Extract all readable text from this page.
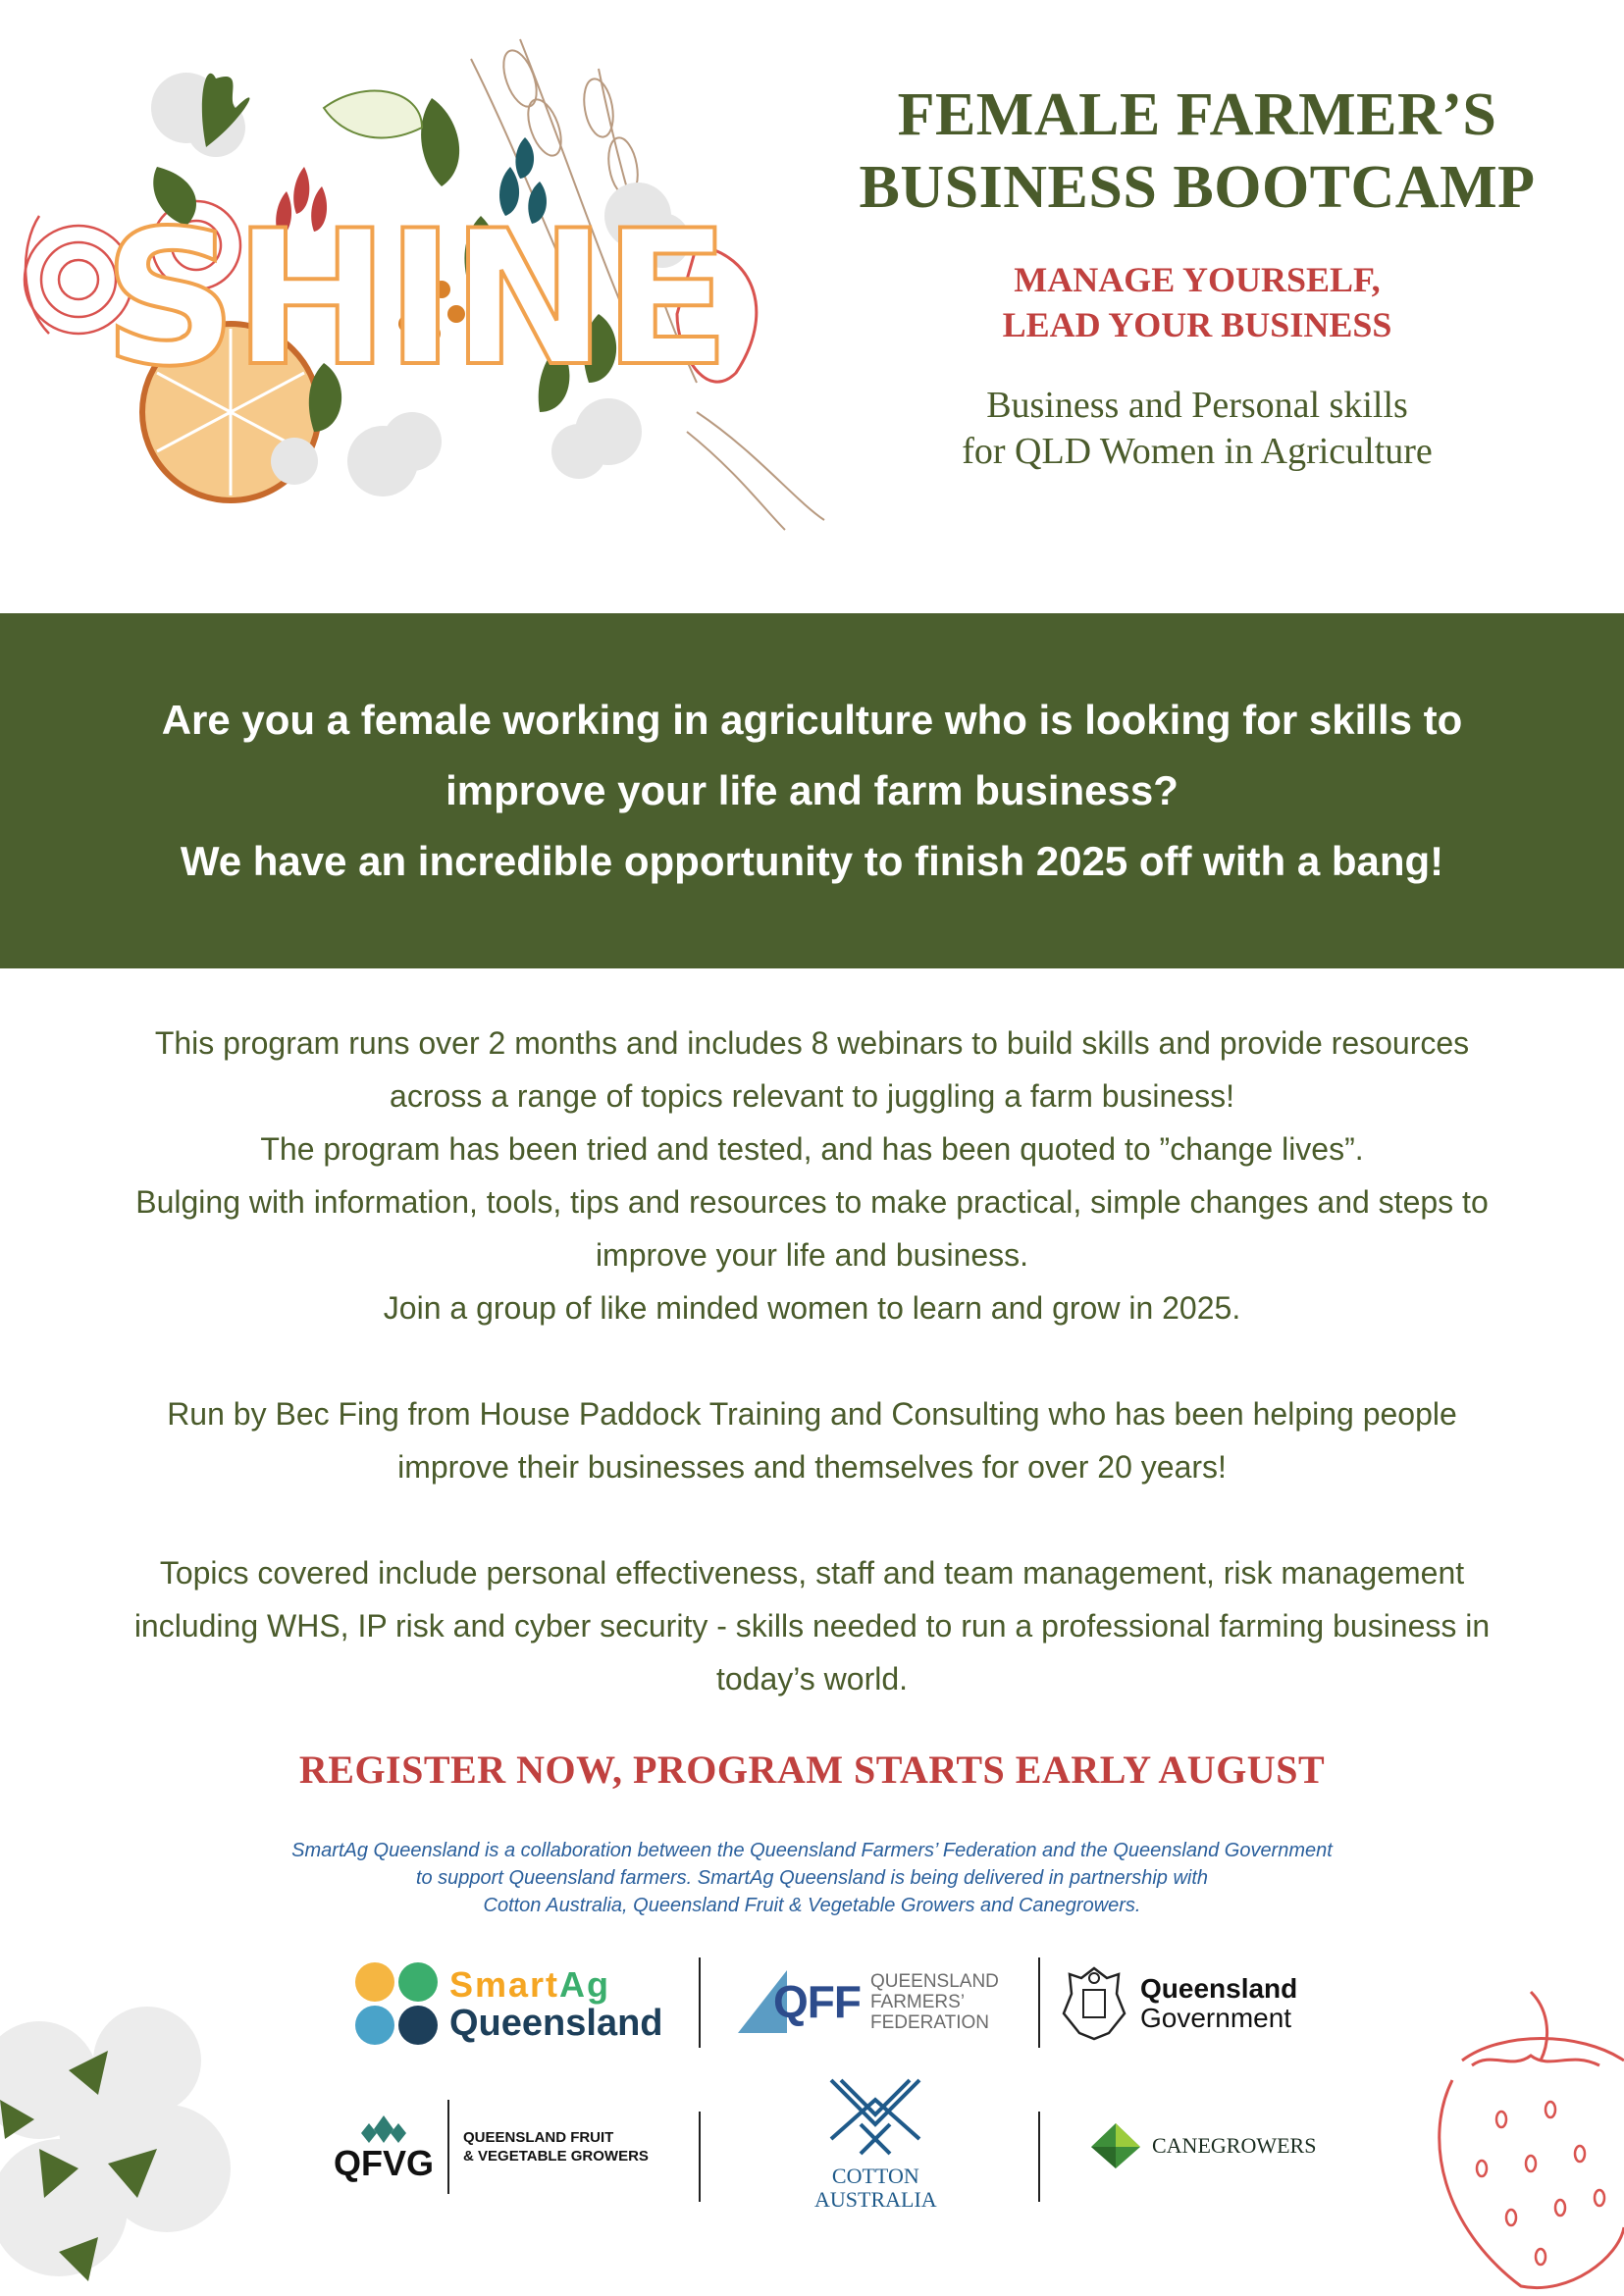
SHINE
FEMALE FARMER’S
BUSINESS BOOTCAMP
MANAGE YOURSELF,
LEAD YOUR BUSINESS
Business and Personal skills
for QLD Women in Agriculture

Are you a female working in agriculture who is looking for skills to

improve your life and farm business?

We have an incredible opportunity to finish 2025 off with a bang!

This program runs over 2 months and includes 8 webinars to build skills and provide resources
across a range of topics relevant to juggling a farm business!
The program has been tried and tested, and has been quoted to ”change lives”.
Bulging with information, tools, tips and resources to make practical, simple changes and steps to
improve your life and business.
Join a group of like minded women to learn and grow in 2025.
Run by Bec Fing from House Paddock Training and Consulting who has been helping people
improve their businesses and themselves for over 20 years!
Topics covered include personal effectiveness, staff and team management, risk management
including WHS, IP risk and cyber security - skills needed to run a professional farming business in
today’s world.
REGISTER NOW, PROGRAM STARTS EARLY AUGUST
SmartAg Queensland is a collaboration between the Queensland Farmers’ Federation and the Queensland Government
to support Queensland farmers. SmartAg Queensland is being delivered in partnership with
Cotton Australia, Queensland Fruit & Vegetable Growers and Canegrowers.
SmartAg
Queensland QFF QUEENSLAND
FARMERS’
FEDERATION
Queensland
Government
QFVG
QUEENSLAND FRUIT
& VEGETABLE GROWERS
COTTON
AUSTRALIA
CANEGROWERS
